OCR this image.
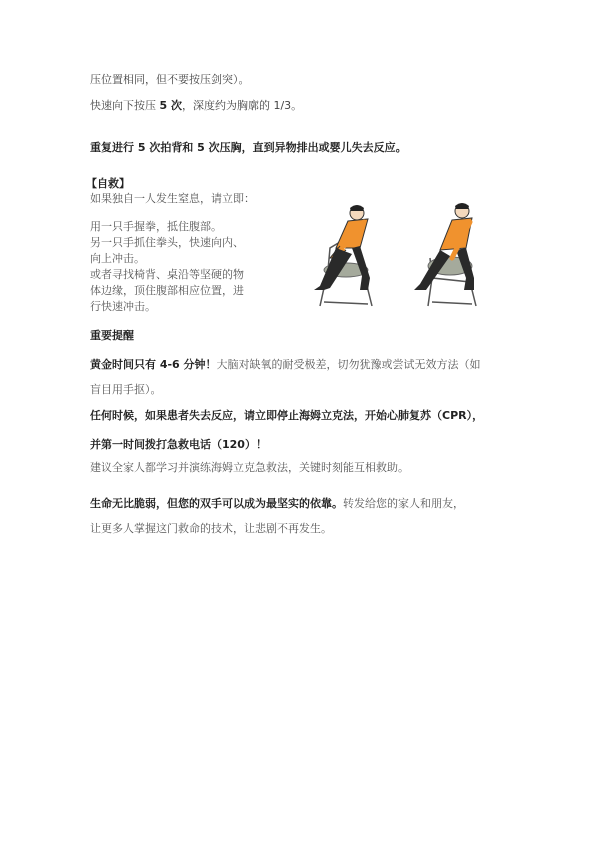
压位置相同，但不要按压剑突）。
快速向下按压 5 次，深度约为胸廓的 1/3。
重复进行 5 次拍背和 5 次压胸，直到异物排出或婴儿失去反应。
【自救】
如果独自一人发生窒息，请立即：
用一只手握拳，抵住腹部。
另一只手抓住拳头，快速向内、
向上冲击。
或者寻找椅背、桌沿等坚硬的物
体边缘，顶住腹部相应位置，进
行快速冲击。
重要提醒
黄金时间只有 4-6 分钟！大脑对缺氧的耐受极差，切勿犹豫或尝试无效方法（如
盲目用手抠）。
任何时候，如果患者失去反应，请立即停止海姆立克法，开始心肺复苏（CPR），
并第一时间拨打急救电话（120）！
建议全家人都学习并演练海姆立克急救法，关键时刻能互相救助。
生命无比脆弱，但您的双手可以成为最坚实的依靠。转发给您的家人和朋友，
让更多人掌握这门救命的技术，让悲剧不再发生。
